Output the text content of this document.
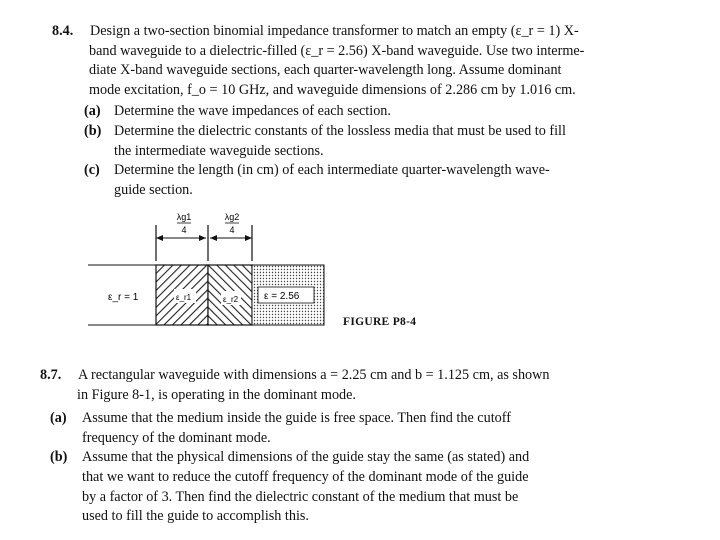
8.4. Design a two-section binomial impedance transformer to match an empty (ε_r = 1) X-
band waveguide to a dielectric-filled (ε_r = 2.56) X-band waveguide. Use two interme-
diate X-band waveguide sections, each quarter-wavelength long. Assume dominant
mode excitation, f_o = 10 GHz, and waveguide dimensions of 2.286 cm by 1.016 cm.
(a) Determine the wave impedances of each section.
(b) Determine the dielectric constants of the lossless media that must be used to fill
the intermediate waveguide sections.
(c)	Determine the length (in cm) of each intermediate quarter-wavelength wave-
guide section.
λg1
4
λg2
4
ε_r = 1	ε_r1	ε_r2	ε = 2.56
FIGURE P8-4
8.7. A rectangular waveguide with dimensions a = 2.25 cm and b = 1.125 cm, as shown
in Figure 8-1, is operating in the dominant mode.
(a)	Assume that the medium inside the guide is free space. Then find the cutoff
frequency of the dominant mode.
(b)	Assume that the physical dimensions of the guide stay the same (as stated) and
that we want to reduce the cutoff frequency of the dominant mode of the guide
by a factor of 3. Then find the dielectric constant of the medium that must be
used to fill the guide to accomplish this.
